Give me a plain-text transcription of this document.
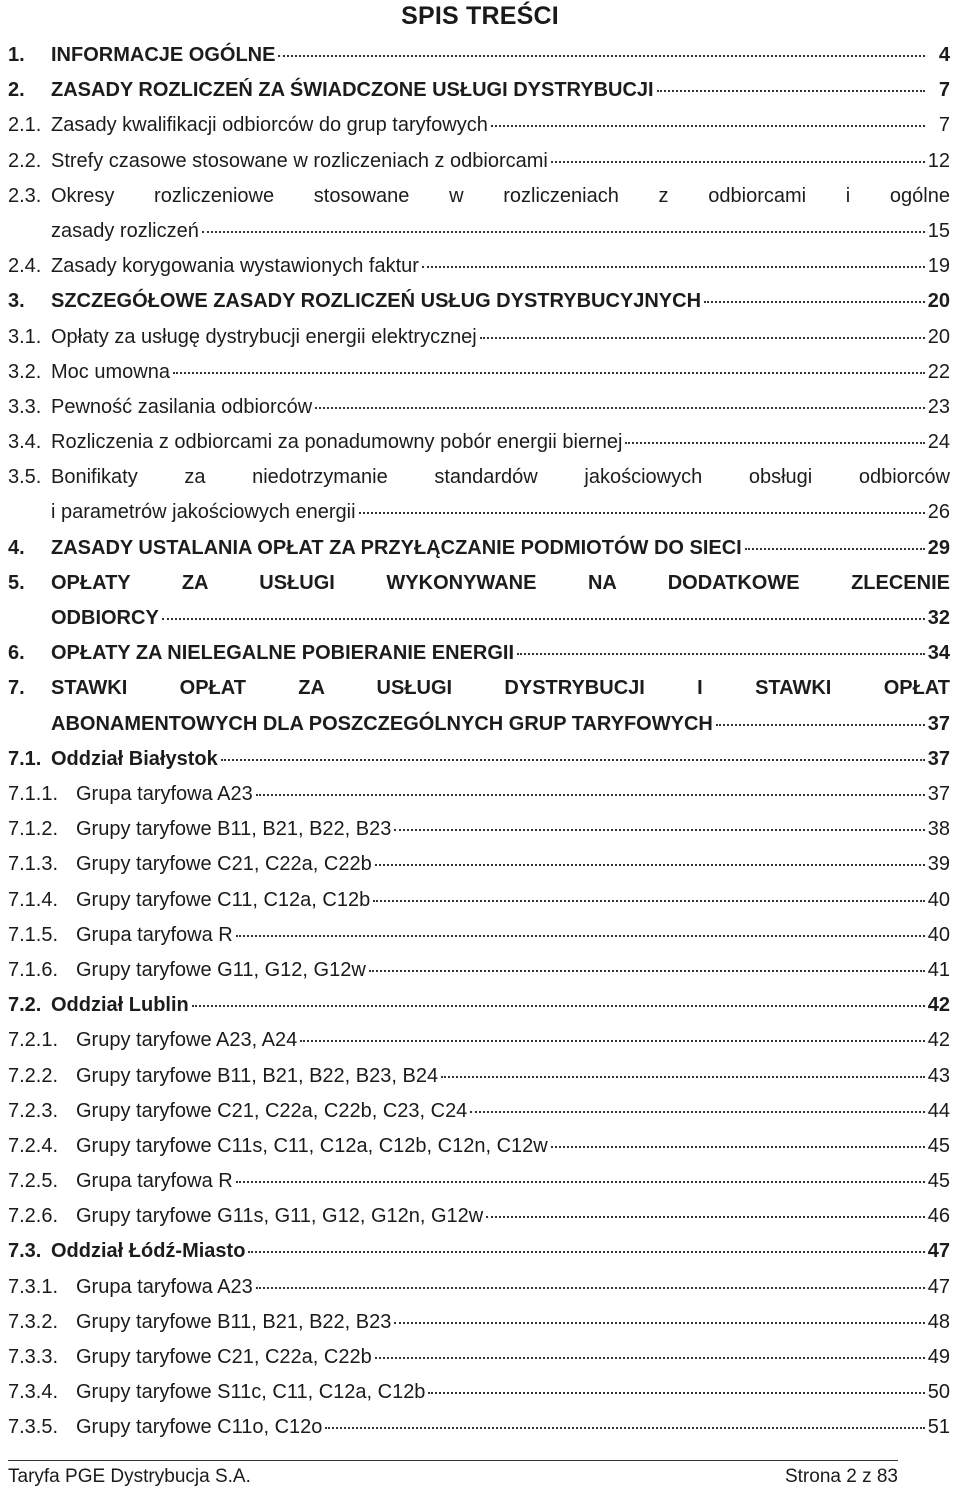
SPIS TREŚCI
1.	INFORMACJE OGÓLNE	4
2.	ZASADY ROZLICZEŃ ZA ŚWIADCZONE USŁUGI DYSTRYBUCJI	7
2.1. Zasady kwalifikacji odbiorców do grup taryfowych	7
2.2. Strefy czasowe stosowane w rozliczeniach z odbiorcami	12
2.3. Okresy rozliczeniowe stosowane w rozliczeniach z odbiorcami i ogólne
zasady rozliczeń	15
2.4. Zasady korygowania wystawionych faktur	19
3.	SZCZEGÓŁOWE ZASADY ROZLICZEŃ USŁUG DYSTRYBUCYJNYCH	20
3.1. Opłaty za usługę dystrybucji energii elektrycznej	20
3.2. Moc umowna	22
3.3. Pewność zasilania odbiorców	23
3.4. Rozliczenia z odbiorcami za ponadumowny pobór energii biernej	24
3.5. Bonifikaty za niedotrzymanie standardów jakościowych obsługi odbiorców
i parametrów jakościowych energii	26
4.	ZASADY USTALANIA OPŁAT ZA PRZYŁĄCZANIE PODMIOTÓW DO SIECI	29
5.	OPŁATY ZA USŁUGI WYKONYWANE NA DODATKOWE ZLECENIE
ODBIORCY	32
6.	OPŁATY ZA NIELEGALNE POBIERANIE ENERGII	34
7.	STAWKI OPŁAT ZA USŁUGI DYSTRYBUCJI I STAWKI OPŁAT
ABONAMENTOWYCH DLA POSZCZEGÓLNYCH GRUP TARYFOWYCH	37
7.1. Oddział Białystok	37
7.1.1. Grupa taryfowa A23	37
7.1.2. Grupy taryfowe B11, B21, B22, B23	38
7.1.3. Grupy taryfowe C21, C22a, C22b	39
7.1.4. Grupy taryfowe C11, C12a, C12b	40
7.1.5. Grupa taryfowa R	40
7.1.6. Grupy taryfowe G11, G12, G12w	41
7.2. Oddział Lublin	42
7.2.1. Grupy taryfowe A23, A24	42
7.2.2. Grupy taryfowe B11, B21, B22, B23, B24	43
7.2.3. Grupy taryfowe C21, C22a, C22b, C23, C24	44
7.2.4. Grupy taryfowe C11s, C11, C12a, C12b, C12n, C12w	45
7.2.5. Grupa taryfowa R	45
7.2.6. Grupy taryfowe G11s, G11, G12, G12n, G12w	46
7.3. Oddział Łódź-Miasto	47
7.3.1. Grupa taryfowa A23	47
7.3.2. Grupy taryfowe B11, B21, B22, B23	48
7.3.3. Grupy taryfowe C21, C22a, C22b	49
7.3.4. Grupy taryfowe S11c, C11, C12a, C12b	50
7.3.5. Grupy taryfowe C11o, C12o	51
Taryfa PGE Dystrybucja S.A.	Strona 2 z 83
